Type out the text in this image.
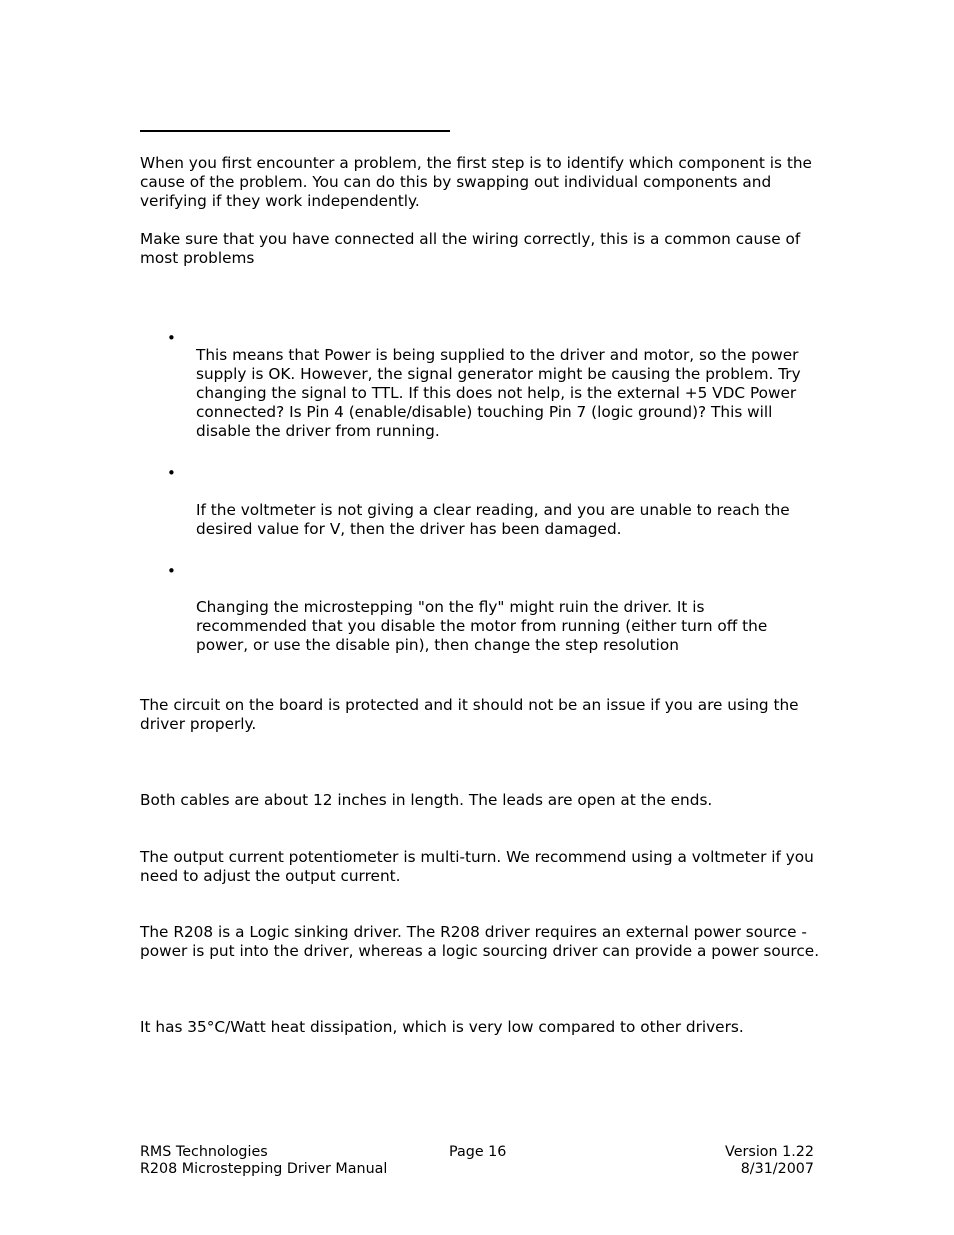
When you first encounter a problem, the first step is to identify which component is the cause of the problem. You can do this by swapping out individual components and verifying if they work independently.

Make sure that you have connected all the wiring correctly, this is a common cause of most problems

•

This means that Power is being supplied to the driver and motor, so the power supply is OK. However, the signal generator might be causing the problem. Try changing the signal to TTL. If this does not help, is the external +5 VDC Power connected? Is Pin 4 (enable/disable) touching Pin 7 (logic ground)? This will disable the driver from running.

•

If the voltmeter is not giving a clear reading, and you are unable to reach the desired value for V, then the driver has been damaged.

•

Changing the microstepping "on the fly" might ruin the driver. It is recommended that you disable the motor from running (either turn off the power, or use the disable pin), then change the step resolution

The circuit on the board is protected and it should not be an issue if you are using the driver properly.

Both cables are about 12 inches in length. The leads are open at the ends.

The output current potentiometer is multi-turn. We recommend using a voltmeter if you need to adjust the output current.

The R208 is a Logic sinking driver. The R208 driver requires an external power source - power is put into the driver, whereas a logic sourcing driver can provide a power source.

It has 35°C/Watt heat dissipation, which is very low compared to other drivers.

RMS Technologies
R208 Microstepping Driver Manual
Page 16	Version 1.22
8/31/2007
